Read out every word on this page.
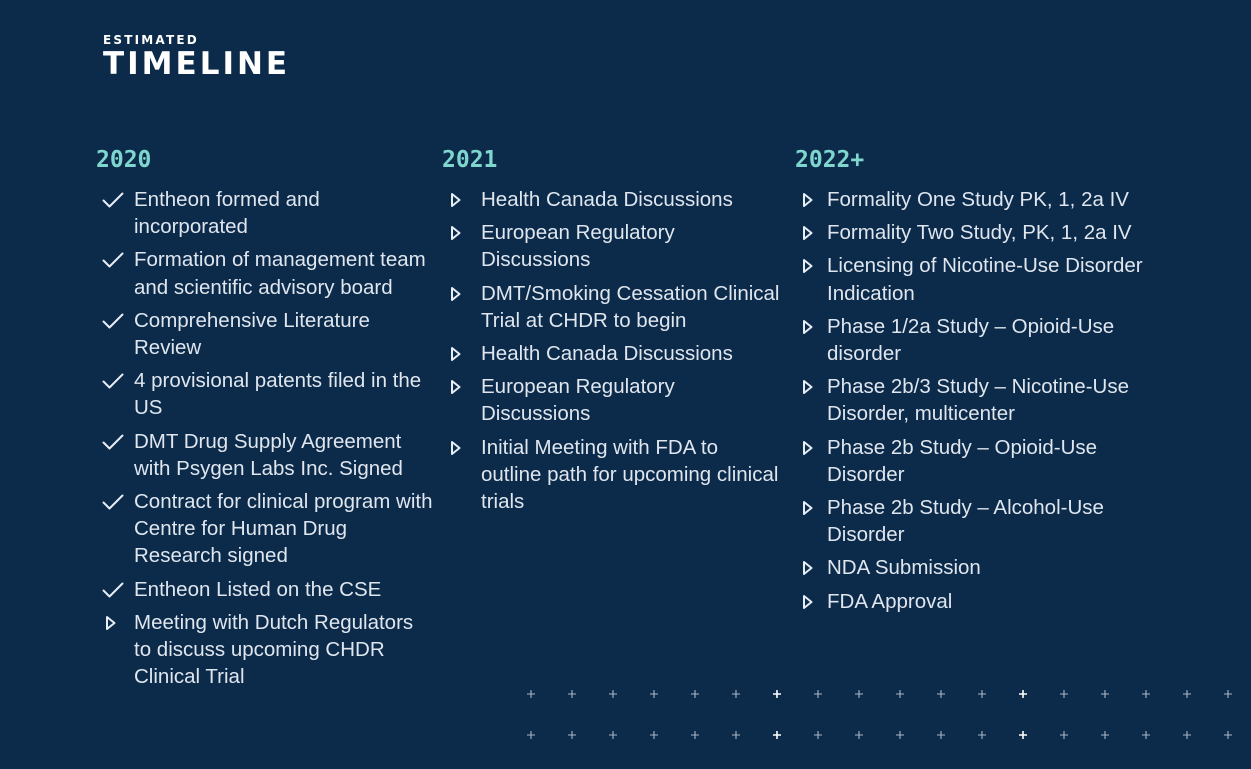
ESTIMATED
TIMELINE
2020
Entheon formed and incorporated
Formation of management team and scientific advisory board
Comprehensive Literature Review
4 provisional patents filed in the US
DMT Drug Supply Agreement with Psygen Labs Inc. Signed
Contract for clinical program with Centre for Human Drug Research signed
Entheon Listed on the CSE
Meeting with Dutch Regulators to discuss upcoming CHDR Clinical Trial
2021
Health Canada Discussions
European Regulatory Discussions
DMT/Smoking Cessation Clinical Trial at CHDR to begin
Health Canada Discussions
European Regulatory Discussions
Initial Meeting with FDA to outline path for upcoming clinical trials
2022+
Formality One Study PK, 1, 2a IV
Formality Two Study, PK, 1, 2a IV
Licensing of Nicotine-Use Disorder Indication
Phase 1/2a Study – Opioid-Use disorder
Phase 2b/3 Study – Nicotine-Use Disorder, multicenter
Phase 2b Study – Opioid-Use Disorder
Phase 2b Study – Alcohol-Use Disorder
NDA Submission
FDA Approval
